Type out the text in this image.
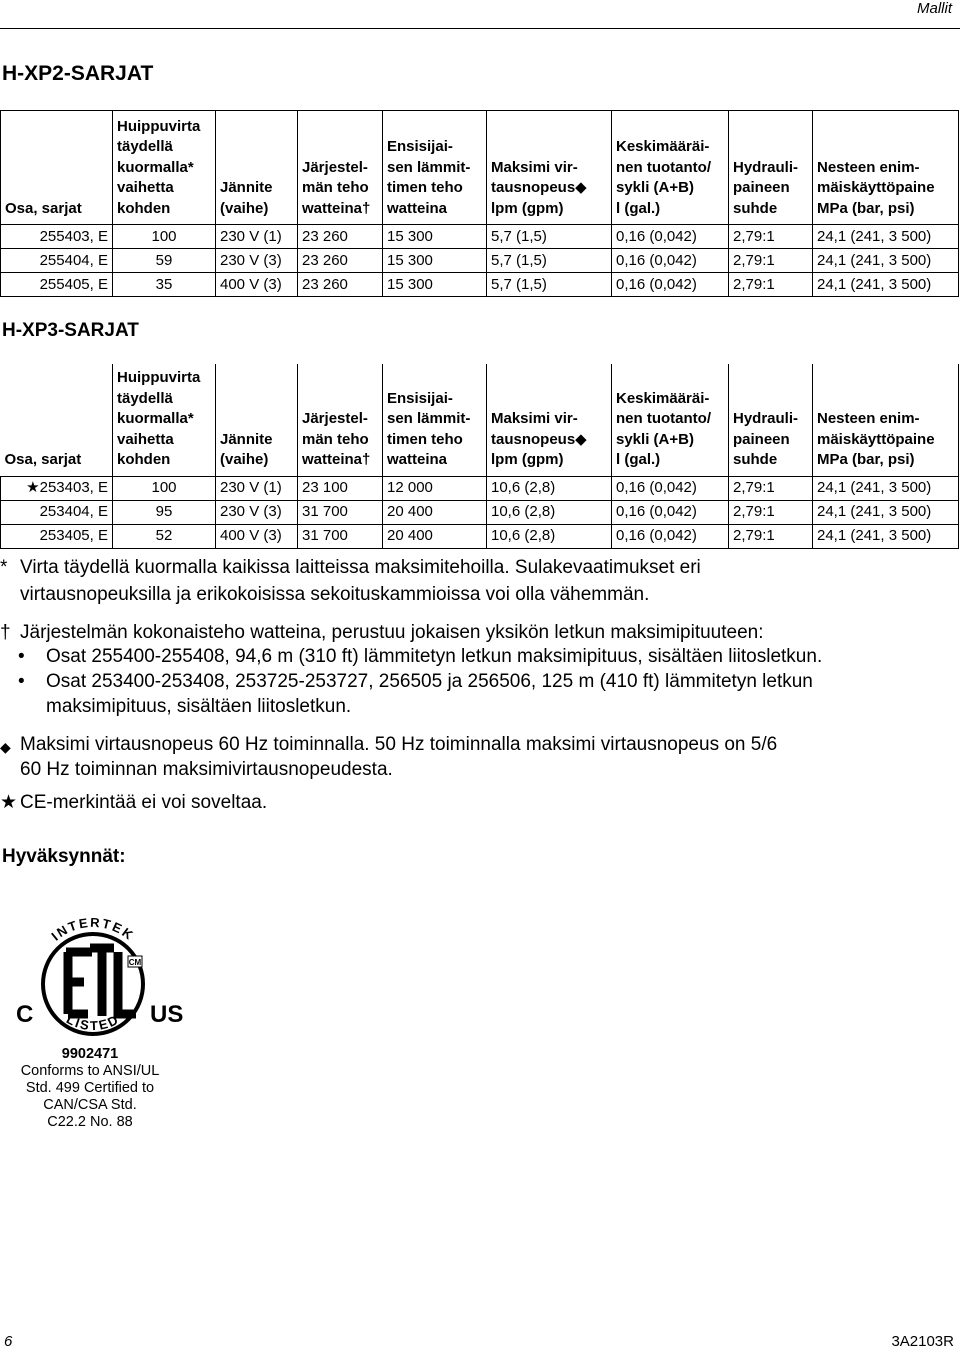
Mallit
H-XP2-SARJAT
Osa, sarjat	Huippuvirta
täydellä
kuormalla*
vaihetta
kohden	Jännite
(vaihe)	Järjestel-
män teho
watteina†	Ensisijai-
sen lämmit-
timen teho
watteina	Maksimi vir-
tausnopeus◆
lpm (gpm)	Keskimääräi-
nen tuotanto/
sykli (A+B)
l (gal.)	Hydrauli-
paineen
suhde	Nesteen enim-
mäiskäyttöpaine
MPa (bar, psi)
255403, E	100	230 V (1)	23 260	15 300	5,7 (1,5)	0,16 (0,042)	2,79:1	24,1 (241, 3 500)
255404, E	59	230 V (3)	23 260	15 300	5,7 (1,5)	0,16 (0,042)	2,79:1	24,1 (241, 3 500)
255405, E	35	400 V (3)	23 260	15 300	5,7 (1,5)	0,16 (0,042)	2,79:1	24,1 (241, 3 500)
H-XP3-SARJAT
Osa, sarjat	Huippuvirta
täydellä
kuormalla*
vaihetta
kohden	Jännite
(vaihe)	Järjestel-
män teho
watteina†	Ensisijai-
sen lämmit-
timen teho
watteina	Maksimi vir-
tausnopeus◆
lpm (gpm)	Keskimääräi-
nen tuotanto/
sykli (A+B)
l (gal.)	Hydrauli-
paineen
suhde	Nesteen enim-
mäiskäyttöpaine
MPa (bar, psi)
★253403, E	100	230 V (1)	23 100	12 000	10,6 (2,8)	0,16 (0,042)	2,79:1	24,1 (241, 3 500)
253404, E	95	230 V (3)	31 700	20 400	10,6 (2,8)	0,16 (0,042)	2,79:1	24,1 (241, 3 500)
253405, E	52	400 V (3)	31 700	20 400	10,6 (2,8)	0,16 (0,042)	2,79:1	24,1 (241, 3 500)
* Virta täydellä kuormalla kaikissa laitteissa maksimitehoilla. Sulakevaatimukset eri
virtausnopeuksilla ja erikokoisissa sekoituskammioissa voi olla vähemmän.
† Järjestelmän kokonaisteho watteina, perustuu jokaisen yksikön letkun maksimipituuteen:
• Osat 255400-255408, 94,6 m (310 ft) lämmitetyn letkun maksimipituus, sisältäen liitosletkun.
• Osat 253400-253408, 253725-253727, 256505 ja 256506, 125 m (410 ft) lämmitetyn letkun
maksimipituus, sisältäen liitosletkun.
◆ Maksimi virtausnopeus 60 Hz toiminnalla. 50 Hz toiminnalla maksimi virtausnopeus on 5/6
60 Hz toiminnan maksimivirtausnopeudesta.
★ CE-merkintää ei voi soveltaa.
Hyväksynnät:
CM
INTERTEK
LISTED
C	US
9902471
Conforms to ANSI/UL
Std. 499 Certified to
CAN/CSA Std.
C22.2 No. 88
6	3A2103R
